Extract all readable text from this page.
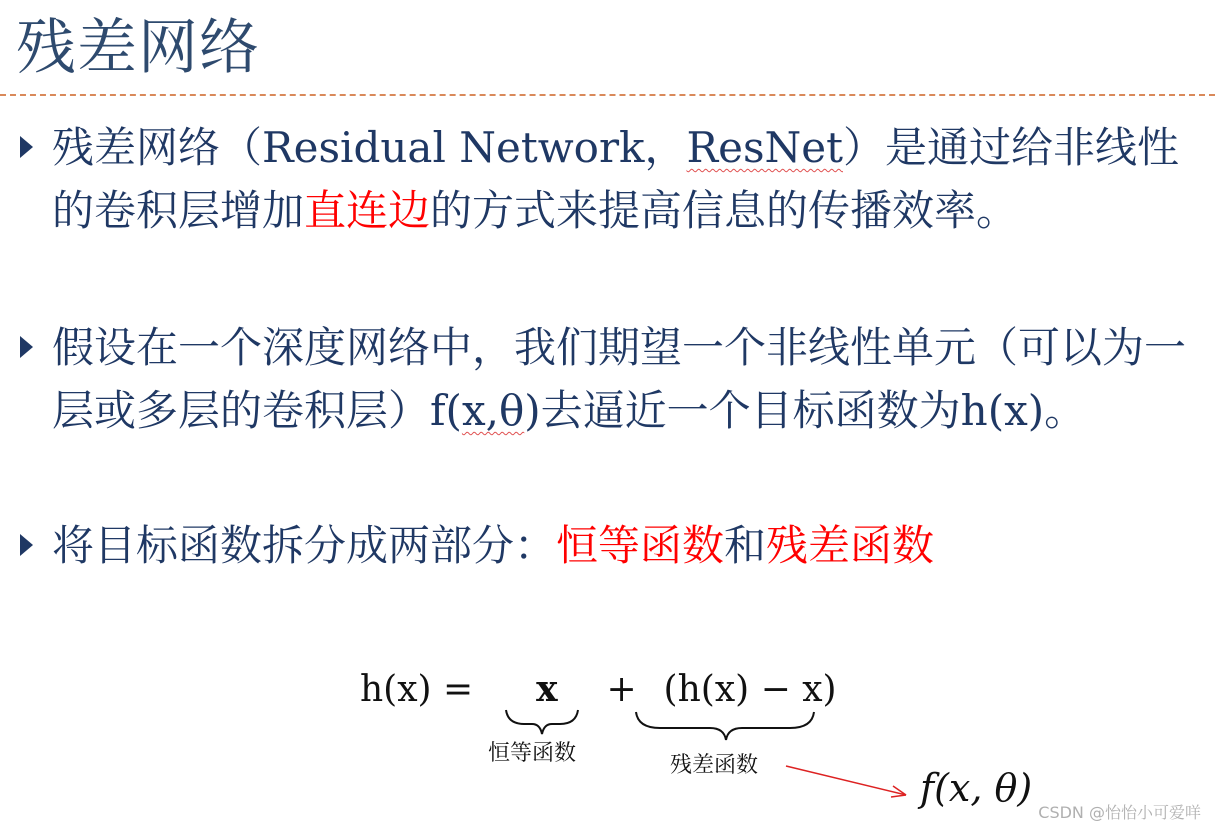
残差网络
残差网络（Residual Network，ResNet）是通过给非线性的卷积层增加直连边的方式来提高信息的传播效率。
假设在一个深度网络中，我们期望一个非线性单元（可以为一层或多层的卷积层）f(x,θ)去逼近一个目标函数为h(x)。
将目标函数拆分成两部分：恒等函数和残差函数
h(x) = x + (h(x) − x)
恒等函数	残差函数
f(x, θ)
CSDN @怡怡小可爱咩
